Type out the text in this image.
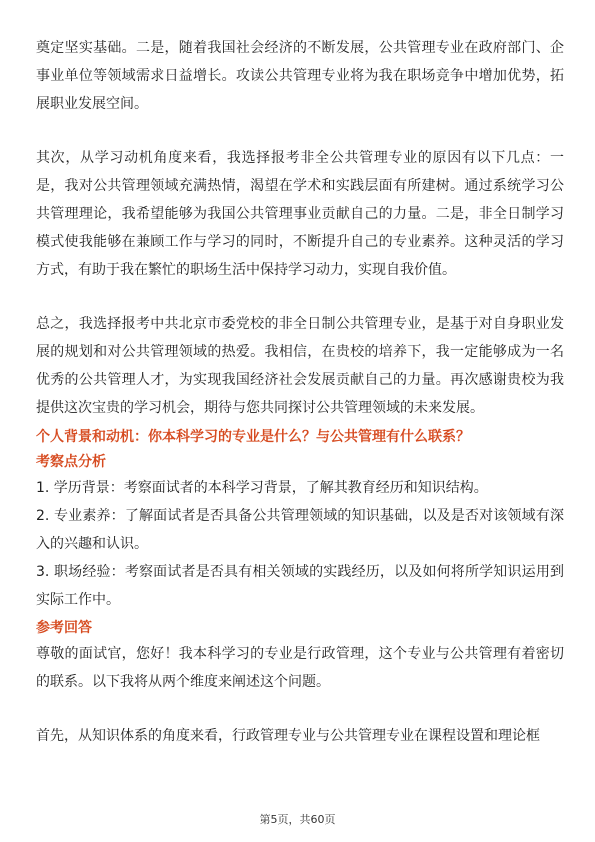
奠定坚实基础。二是，随着我国社会经济的不断发展，公共管理专业在政府部门、企事业单位等领域需求日益增长。攻读公共管理专业将为我在职场竞争中增加优势，拓展职业发展空间。

其次，从学习动机角度来看，我选择报考非全公共管理专业的原因有以下几点：一是，我对公共管理领域充满热情，渴望在学术和实践层面有所建树。通过系统学习公共管理理论，我希望能够为我国公共管理事业贡献自己的力量。二是，非全日制学习模式使我能够在兼顾工作与学习的同时，不断提升自己的专业素养。这种灵活的学习方式，有助于我在繁忙的职场生活中保持学习动力，实现自我价值。

总之，我选择报考中共北京市委党校的非全日制公共管理专业，是基于对自身职业发展的规划和对公共管理领域的热爱。我相信，在贵校的培养下，我一定能够成为一名优秀的公共管理人才，为实现我国经济社会发展贡献自己的力量。再次感谢贵校为我提供这次宝贵的学习机会，期待与您共同探讨公共管理领域的未来发展。

个人背景和动机：你本科学习的专业是什么？与公共管理有什么联系？

考察点分析

1. 学历背景：考察面试者的本科学习背景，了解其教育经历和知识结构。

2. 专业素养：了解面试者是否具备公共管理领域的知识基础，以及是否对该领域有深入的兴趣和认识。

3. 职场经验：考察面试者是否具有相关领域的实践经历，以及如何将所学知识运用到实际工作中。

参考回答

尊敬的面试官，您好！我本科学习的专业是行政管理，这个专业与公共管理有着密切的联系。以下我将从两个维度来阐述这个问题。

首先，从知识体系的角度来看，行政管理专业与公共管理专业在课程设置和理论框

第5页，共60页
